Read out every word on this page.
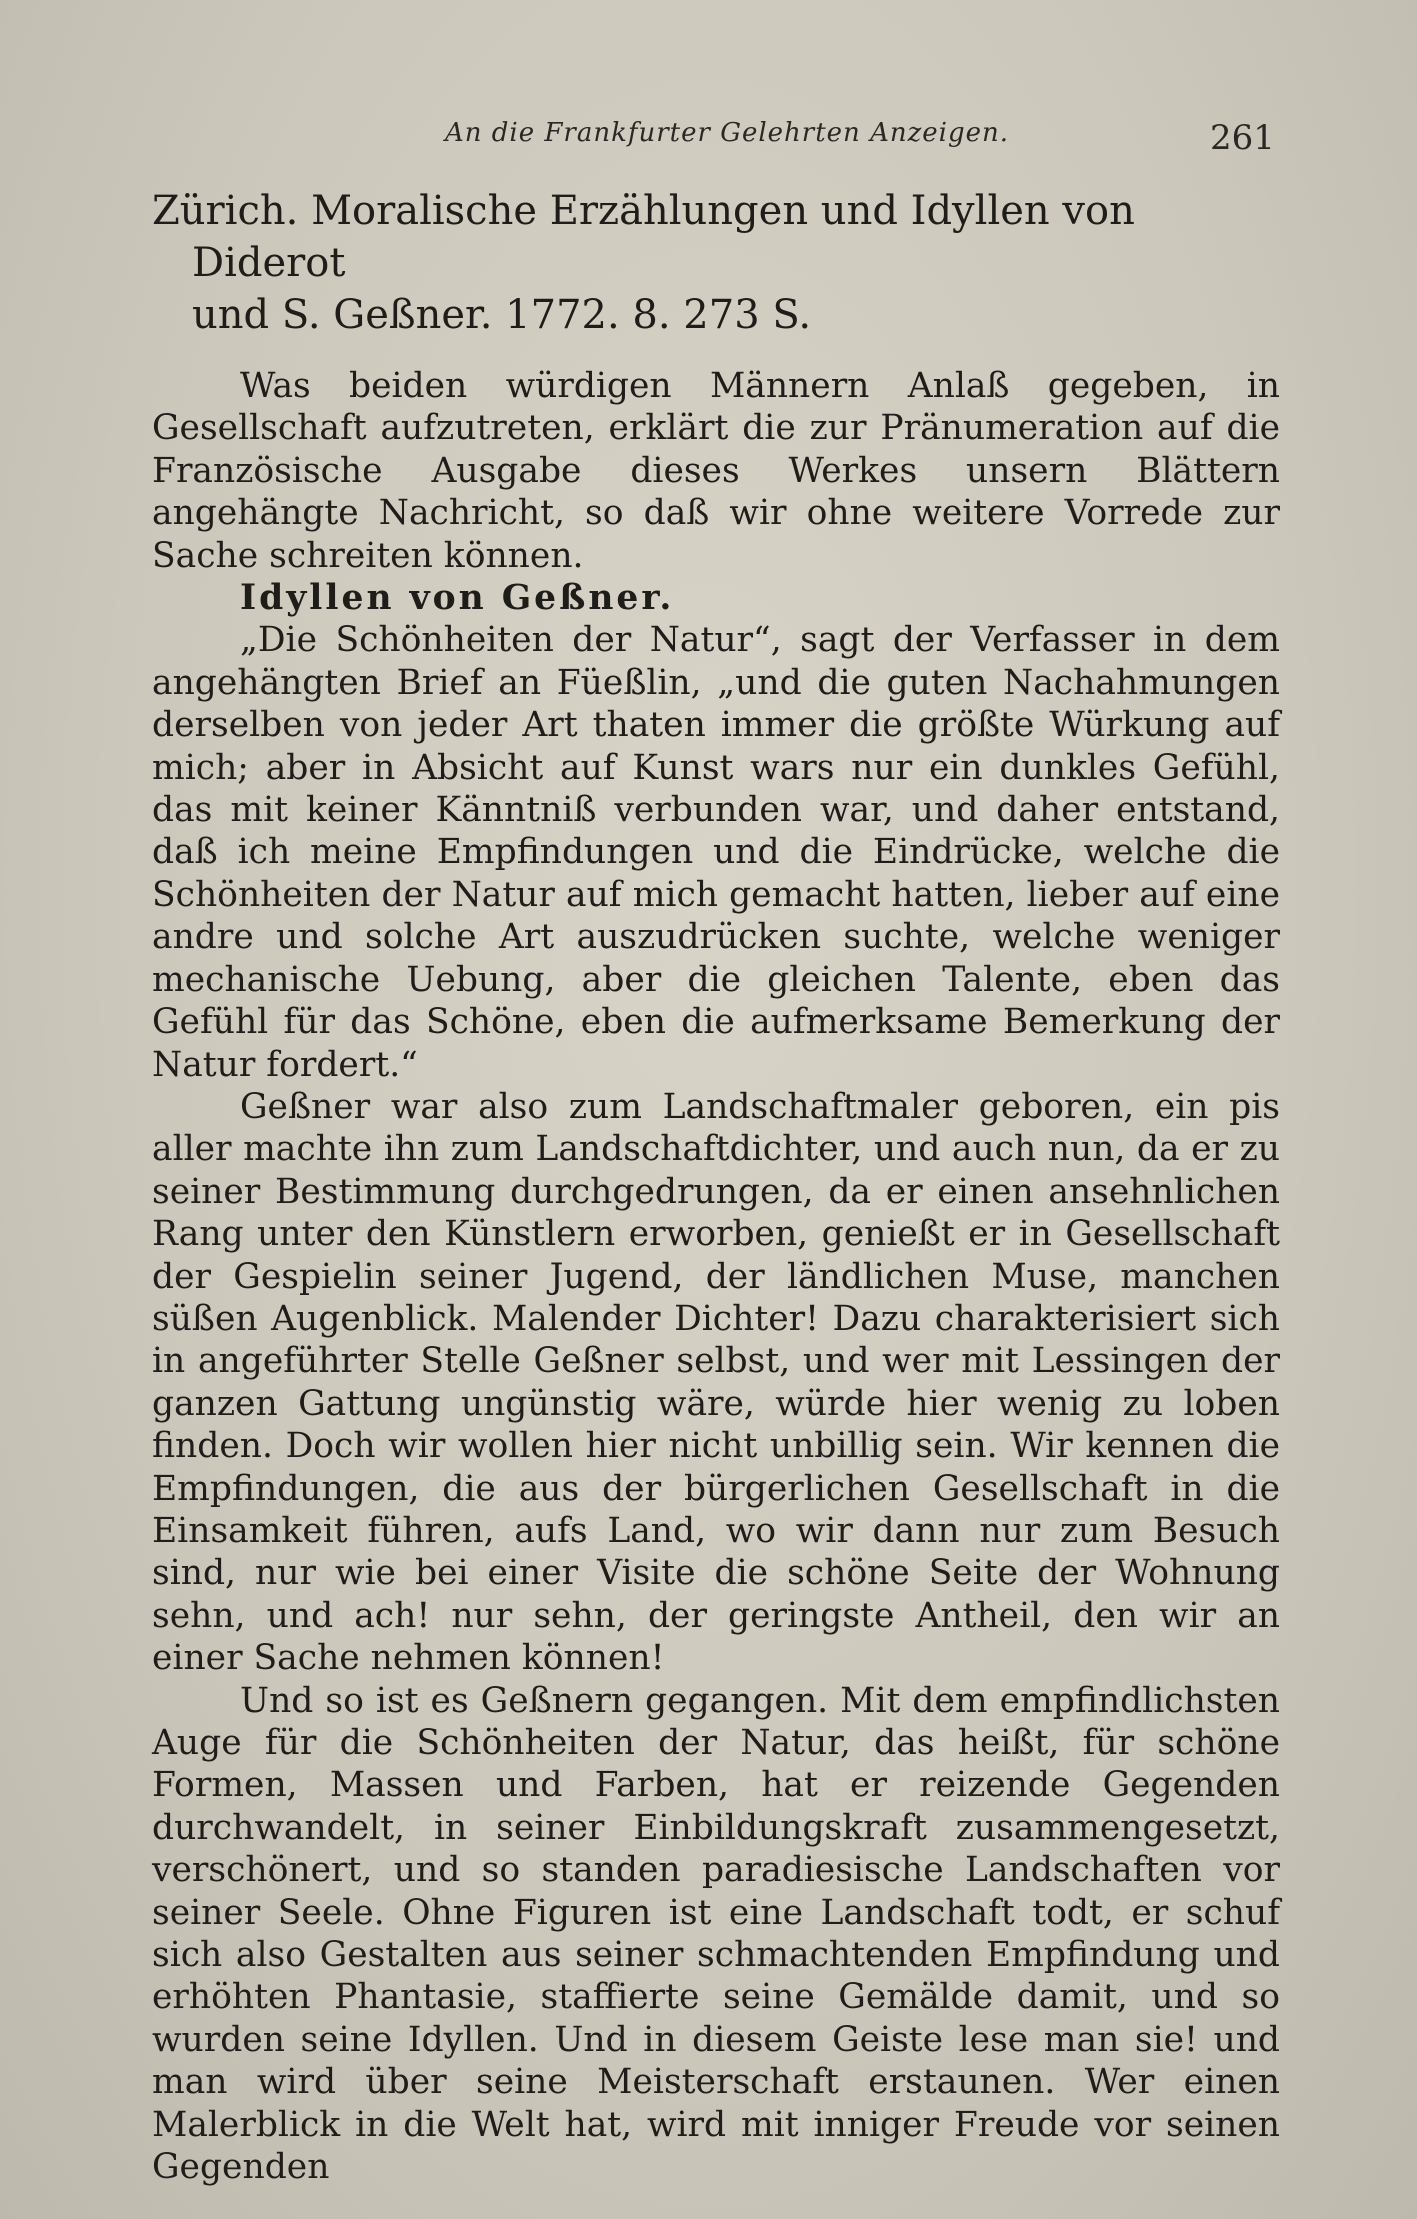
An die Frankfurter Gelehrten Anzeigen.	261
Zürich. Moralische Erzählungen und Idyllen von Diderot
und S. Geßner. 1772. 8. 273 S.

Was beiden würdigen Männern Anlaß gegeben, in Gesellschaft aufzutreten, erklärt die zur Pränumeration auf die Französische Ausgabe dieses Werkes unsern Blättern angehängte Nachricht, so daß wir ohne weitere Vorrede zur Sache schreiten können.

Idyllen von Geßner.

„Die Schönheiten der Natur“, sagt der Verfasser in dem angehängten Brief an Füeßlin, „und die guten Nachahmungen derselben von jeder Art thaten immer die größte Würkung auf mich; aber in Absicht auf Kunst wars nur ein dunkles Gefühl, das mit keiner Känntniß verbunden war, und daher entstand, daß ich meine Empfindungen und die Eindrücke, welche die Schönheiten der Natur auf mich gemacht hatten, lieber auf eine andre und solche Art auszudrücken suchte, welche weniger mechanische Uebung, aber die gleichen Talente, eben das Gefühl für das Schöne, eben die aufmerksame Bemerkung der Natur fordert.“

Geßner war also zum Landschaftmaler geboren, ein pis aller machte ihn zum Landschaftdichter, und auch nun, da er zu seiner Bestimmung durchgedrungen, da er einen ansehnlichen Rang unter den Künstlern erworben, genießt er in Gesellschaft der Gespielin seiner Jugend, der ländlichen Muse, manchen süßen Augenblick. Malender Dichter! Dazu charakterisiert sich in angeführter Stelle Geßner selbst, und wer mit Lessingen der ganzen Gattung ungünstig wäre, würde hier wenig zu loben finden. Doch wir wollen hier nicht unbillig sein. Wir kennen die Empfindungen, die aus der bürgerlichen Gesellschaft in die Einsamkeit führen, aufs Land, wo wir dann nur zum Besuch sind, nur wie bei einer Visite die schöne Seite der Wohnung sehn, und ach! nur sehn, der geringste Antheil, den wir an einer Sache nehmen können!

Und so ist es Geßnern gegangen. Mit dem empfindlichsten Auge für die Schönheiten der Natur, das heißt, für schöne Formen, Massen und Farben, hat er reizende Gegenden durchwandelt, in seiner Einbildungskraft zusammengesetzt, verschönert, und so standen paradiesische Landschaften vor seiner Seele. Ohne Figuren ist eine Landschaft todt, er schuf sich also Gestalten aus seiner schmachtenden Empfindung und erhöhten Phantasie, staffierte seine Gemälde damit, und so wurden seine Idyllen. Und in diesem Geiste lese man sie! und man wird über seine Meisterschaft erstaunen. Wer einen Malerblick in die Welt hat, wird mit inniger Freude vor seinen Gegenden
